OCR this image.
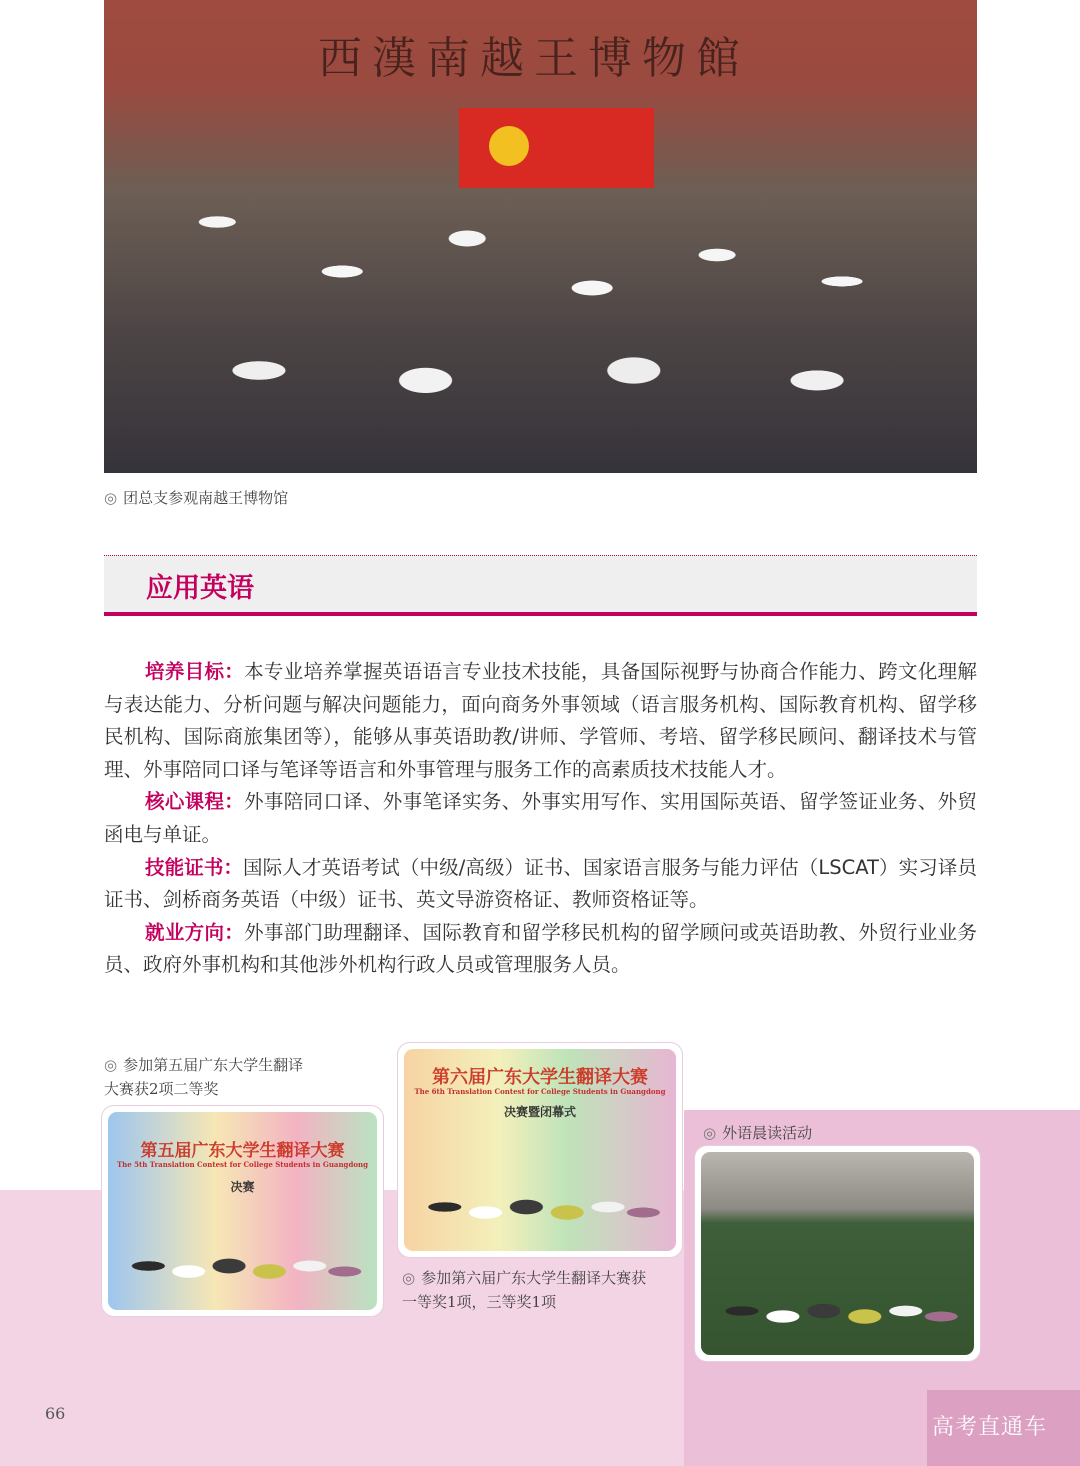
西漢南越王博物館
◎ 团总支参观南越王博物馆
应用英语

培养目标：本专业培养掌握英语语言专业技术技能，具备国际视野与协商合作能力、跨文化理解与表达能力、分析问题与解决问题能力，面向商务外事领域（语言服务机构、国际教育机构、留学移民机构、国际商旅集团等），能够从事英语助教/讲师、学管师、考培、留学移民顾问、翻译技术与管理、外事陪同口译与笔译等语言和外事管理与服务工作的高素质技术技能人才。

核心课程：外事陪同口译、外事笔译实务、外事实用写作、实用国际英语、留学签证业务、外贸函电与单证。

技能证书：国际人才英语考试（中级/高级）证书、国家语言服务与能力评估（LSCAT）实习译员证书、剑桥商务英语（中级）证书、英文导游资格证、教师资格证等。

就业方向：外事部门助理翻译、国际教育和留学移民机构的留学顾问或英语助教、外贸行业业务员、政府外事机构和其他涉外机构行政人员或管理服务人员。

◎ 参加第五届广东大学生翻译大赛获2项二等奖
第五届广东大学生翻译大赛
The 5th Translation Contest for College Students in Guangdong
决赛
第六届广东大学生翻译大赛
The 6th Translation Contest for College Students in Guangdong
决赛暨闭幕式
◎ 参加第六届广东大学生翻译大赛获一等奖1项，三等奖1项
◎ 外语晨读活动
66
高考直通车
